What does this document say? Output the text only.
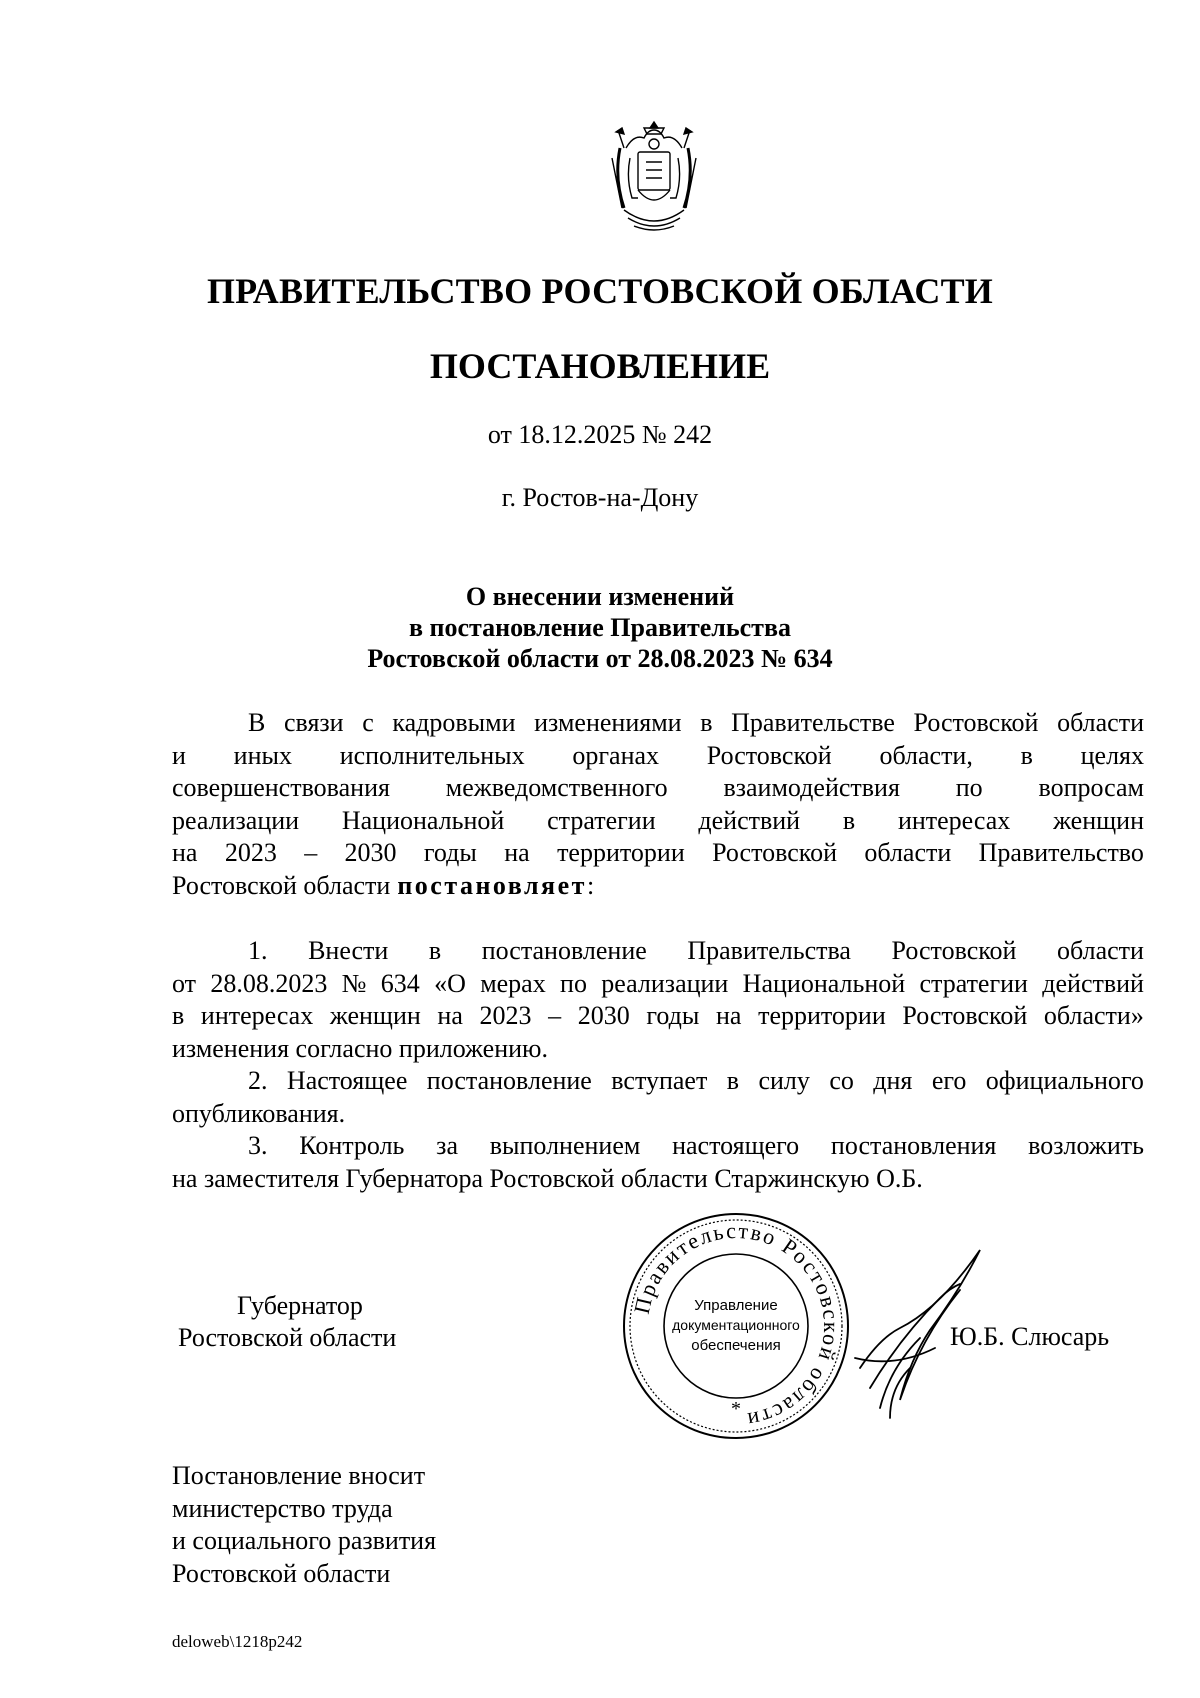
ПРАВИТЕЛЬСТВО РОСТОВСКОЙ ОБЛАСТИ
ПОСТАНОВЛЕНИЕ
от 18.12.2025 № 242
г. Ростов-на-Дону
О внесении изменений
в постановление Правительства
Ростовской области от 28.08.2023 № 634
В связи с кадровыми изменениями в Правительстве Ростовской области
и иных исполнительных органах Ростовской области, в целях
совершенствования межведомственного взаимодействия по вопросам
реализации Национальной стратегии действий в интересах женщин
на 2023 – 2030 годы на территории Ростовской области Правительство
Ростовской области постановляет :
1. Внести в постановление Правительства Ростовской области
от 28.08.2023 № 634 «О мерах по реализации Национальной стратегии действий
в интересах женщин на 2023 – 2030 годы на территории Ростовской области»
изменения согласно приложению.
2. Настоящее постановление вступает в силу со дня его официального
опубликования.
3. Контроль за выполнением настоящего постановления возложить
на заместителя Губернатора Ростовской области Старжинскую О.Б.
Губернатор
Ростовской области
Правительство Ростовской области
Управление
документационного
обеспечения
*
Ю.Б. Слюсарь
Постановление вносит
министерство труда
и социального развития
Ростовской области
deloweb\1218p242
